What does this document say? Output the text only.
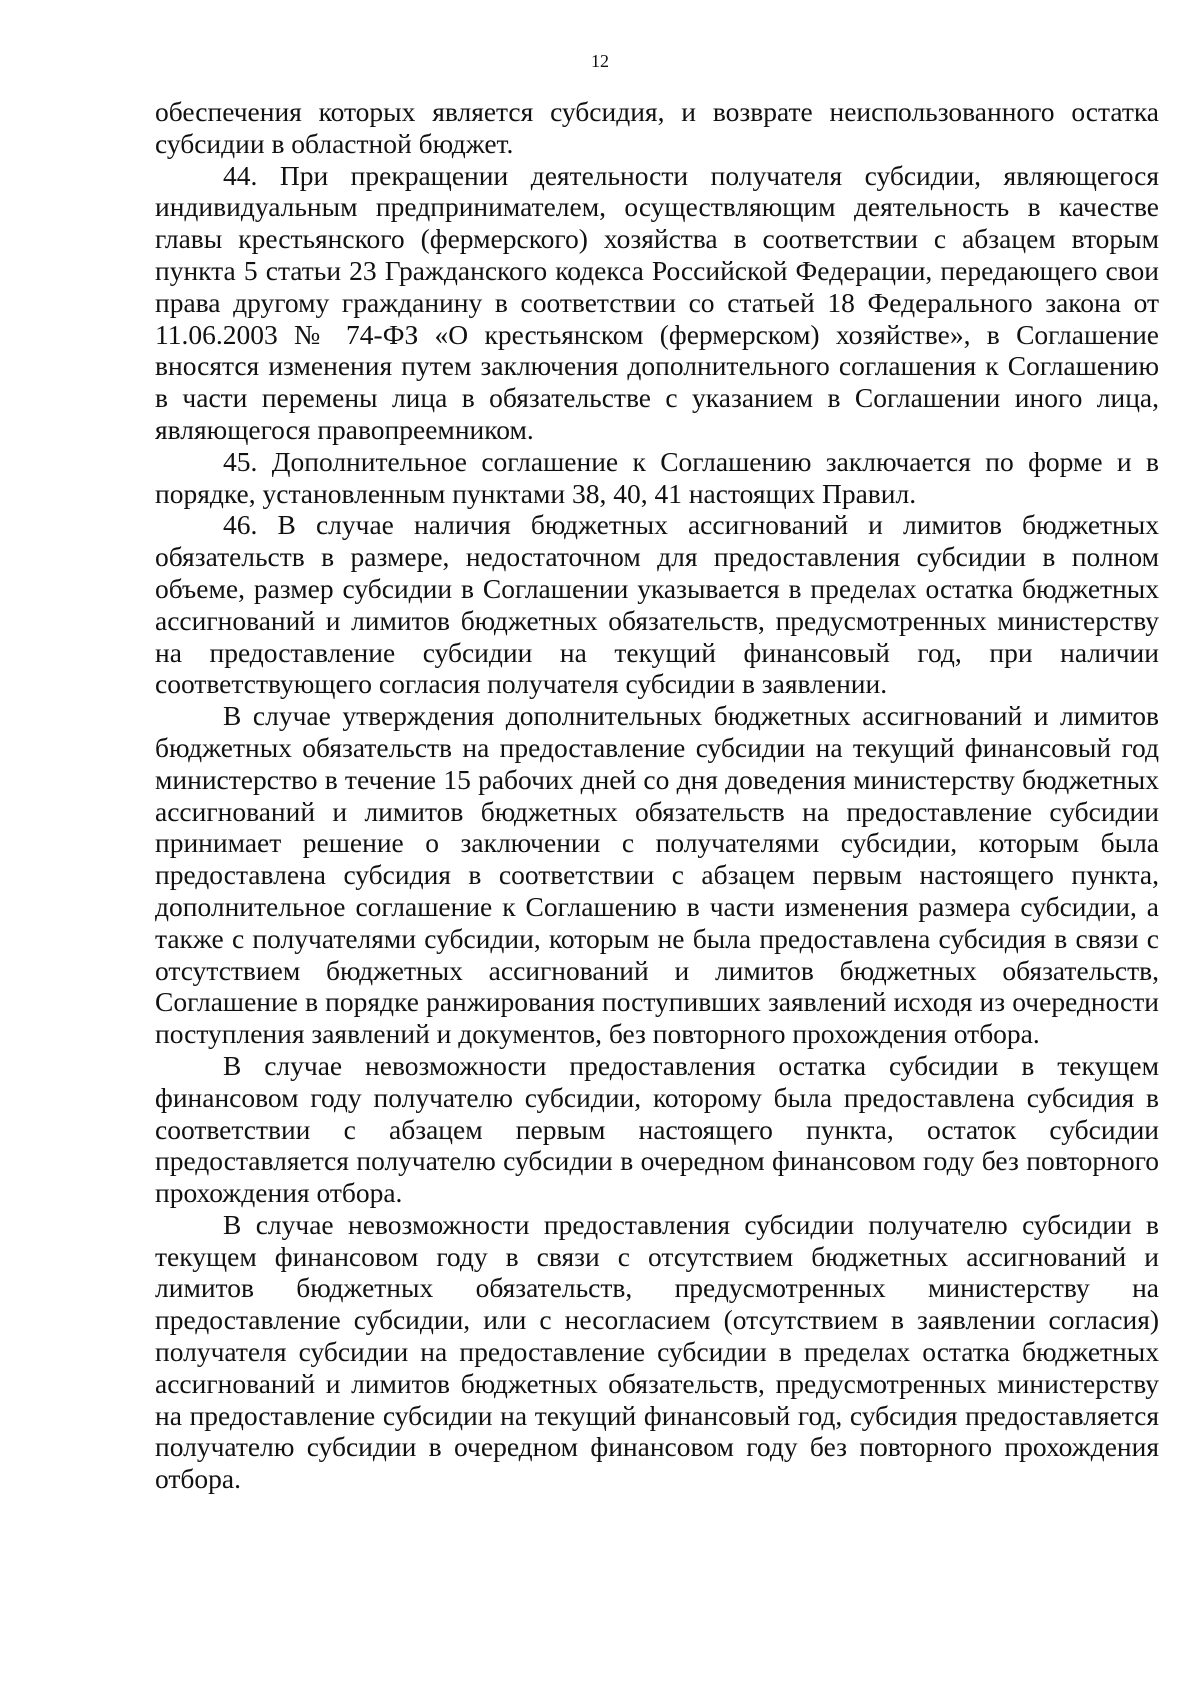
12

обеспечения которых является субсидия, и возврате неиспользованного остатка субсидии в областной бюджет.

44. При прекращении деятельности получателя субсидии, являющегося индивидуальным предпринимателем, осуществляющим деятельность в качестве главы крестьянского (фермерского) хозяйства в соответствии с абзацем вторым пункта 5 статьи 23 Гражданского кодекса Российской Федерации, передающего свои права другому гражданину в соответствии со статьей 18 Федерального закона от 11.06.2003 № 74-ФЗ «О крестьянском (фермерском) хозяйстве», в Соглашение вносятся изменения путем заключения дополнительного соглашения к Соглашению в части перемены лица в обязательстве с указанием в Соглашении иного лица, являющегося правопреемником.

45. Дополнительное соглашение к Соглашению заключается по форме и в порядке, установленным пунктами 38, 40, 41 настоящих Правил.

46. В случае наличия бюджетных ассигнований и лимитов бюджетных обязательств в размере, недостаточном для предоставления субсидии в полном объеме, размер субсидии в Соглашении указывается в пределах остатка бюджетных ассигнований и лимитов бюджетных обязательств, предусмотренных министерству на предоставление субсидии на текущий финансовый год, при наличии соответствующего согласия получателя субсидии в заявлении.

В случае утверждения дополнительных бюджетных ассигнований и лимитов бюджетных обязательств на предоставление субсидии на текущий финансовый год министерство в течение 15 рабочих дней со дня доведения министерству бюджетных ассигнований и лимитов бюджетных обязательств на предоставление субсидии принимает решение о заключении с получателями субсидии, которым была предоставлена субсидия в соответствии с абзацем первым настоящего пункта, дополнительное соглашение к Соглашению в части изменения размера субсидии, а также с получателями субсидии, которым не была предоставлена субсидия в связи с отсутствием бюджетных ассигнований и лимитов бюджетных обязательств, Соглашение в порядке ранжирования поступивших заявлений исходя из очередности поступления заявлений и документов, без повторного прохождения отбора.

В случае невозможности предоставления остатка субсидии в текущем финансовом году получателю субсидии, которому была предоставлена субсидия в соответствии с абзацем первым настоящего пункта, остаток субсидии предоставляется получателю субсидии в очередном финансовом году без повторного прохождения отбора.

В случае невозможности предоставления субсидии получателю субсидии в текущем финансовом году в связи с отсутствием бюджетных ассигнований и лимитов бюджетных обязательств, предусмотренных министерству на предоставление субсидии, или с несогласием (отсутствием в заявлении согласия) получателя субсидии на предоставление субсидии в пределах остатка бюджетных ассигнований и лимитов бюджетных обязательств, предусмотренных министерству на предоставление субсидии на текущий финансовый год, субсидия предоставляется получателю субсидии в очередном финансовом году без повторного прохождения отбора.
